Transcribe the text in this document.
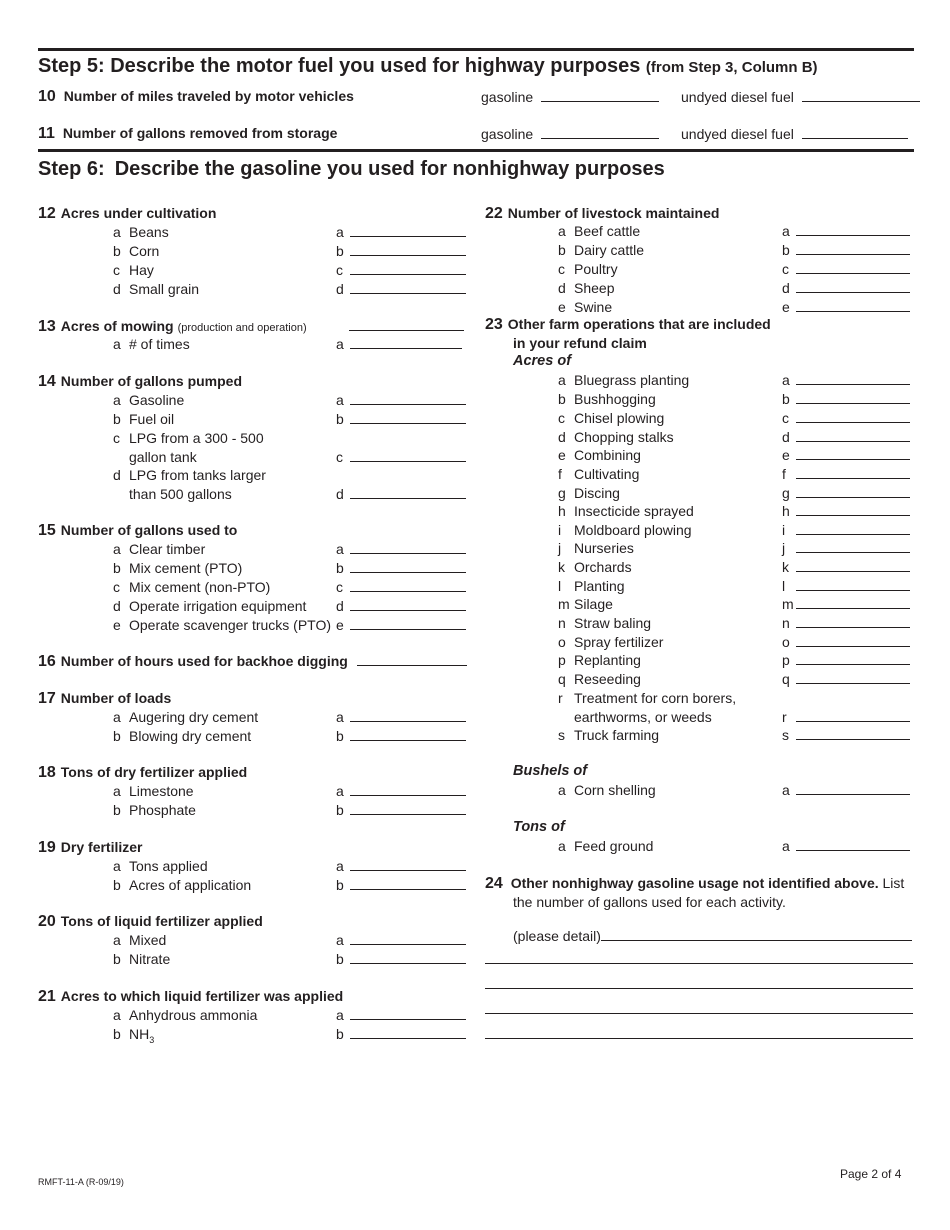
Step 5: Describe the motor fuel you used for highway purposes (from Step 3, Column B)
10 Number of miles traveled by motor vehicles	gasoline	undyed diesel fuel
11 Number of gallons removed from storage	gasoline	undyed diesel fuel
Step 6: Describe the gasoline you used for nonhighway purposes
12 Acres under cultivation
a Beans	a
b Corn	b
c Hay	c
d Small grain	d
13 Acres of mowing (production and operation)
a # of times	a
14 Number of gallons pumped
a Gasoline	a
b Fuel oil	b
c LPG from a 300 - 500
gallon tank	c
d LPG from tanks larger
than 500 gallons	d
15 Number of gallons used to
a Clear timber	a
b Mix cement (PTO)	b
c Mix cement (non-PTO)	c
d Operate irrigation equipment d
e Operate scavenger trucks (PTO) e
16 Number of hours used for backhoe digging
17 Number of loads
a Augering dry cement	a
b Blowing dry cement	b
18 Tons of dry fertilizer applied
a Limestone	a
b Phosphate	b
19 Dry fertilizer
a Tons applied	a
b Acres of application	b
20 Tons of liquid fertilizer applied
a Mixed	a
b Nitrate	b
21 Acres to which liquid fertilizer was applied
a Anhydrous ammonia	a
b $NH_3$	b
22 Number of livestock maintained
a Beef cattle	a
b Dairy cattle	b
c Poultry	c
d Sheep	d
e Swine	e
23 Other farm operations that are included
in your refund claim
Acres of
a Bluegrass planting	a
b Bushhogging	b
c Chisel plowing	c
d Chopping stalks	d
e Combining	e
f Cultivating	f
g Discing	g
h Insecticide sprayed	h
i Moldboard plowing	i
j Nurseries	j
k Orchards	k
l Planting	l
m Silage	m
n Straw baling	n
o Spray fertilizer	o
p Replanting	p
q Reseeding	q
r Treatment for corn borers,
earthworms, or weeds	r
s Truck farming	s
Bushels of
a Corn shelling	a
Tons of
a Feed ground	a
24 Other nonhighway gasoline usage not identified above. List
the number of gallons used for each activity.
(please detail)
RMFT-11-A (R-09/19)
Page 2 of 4
